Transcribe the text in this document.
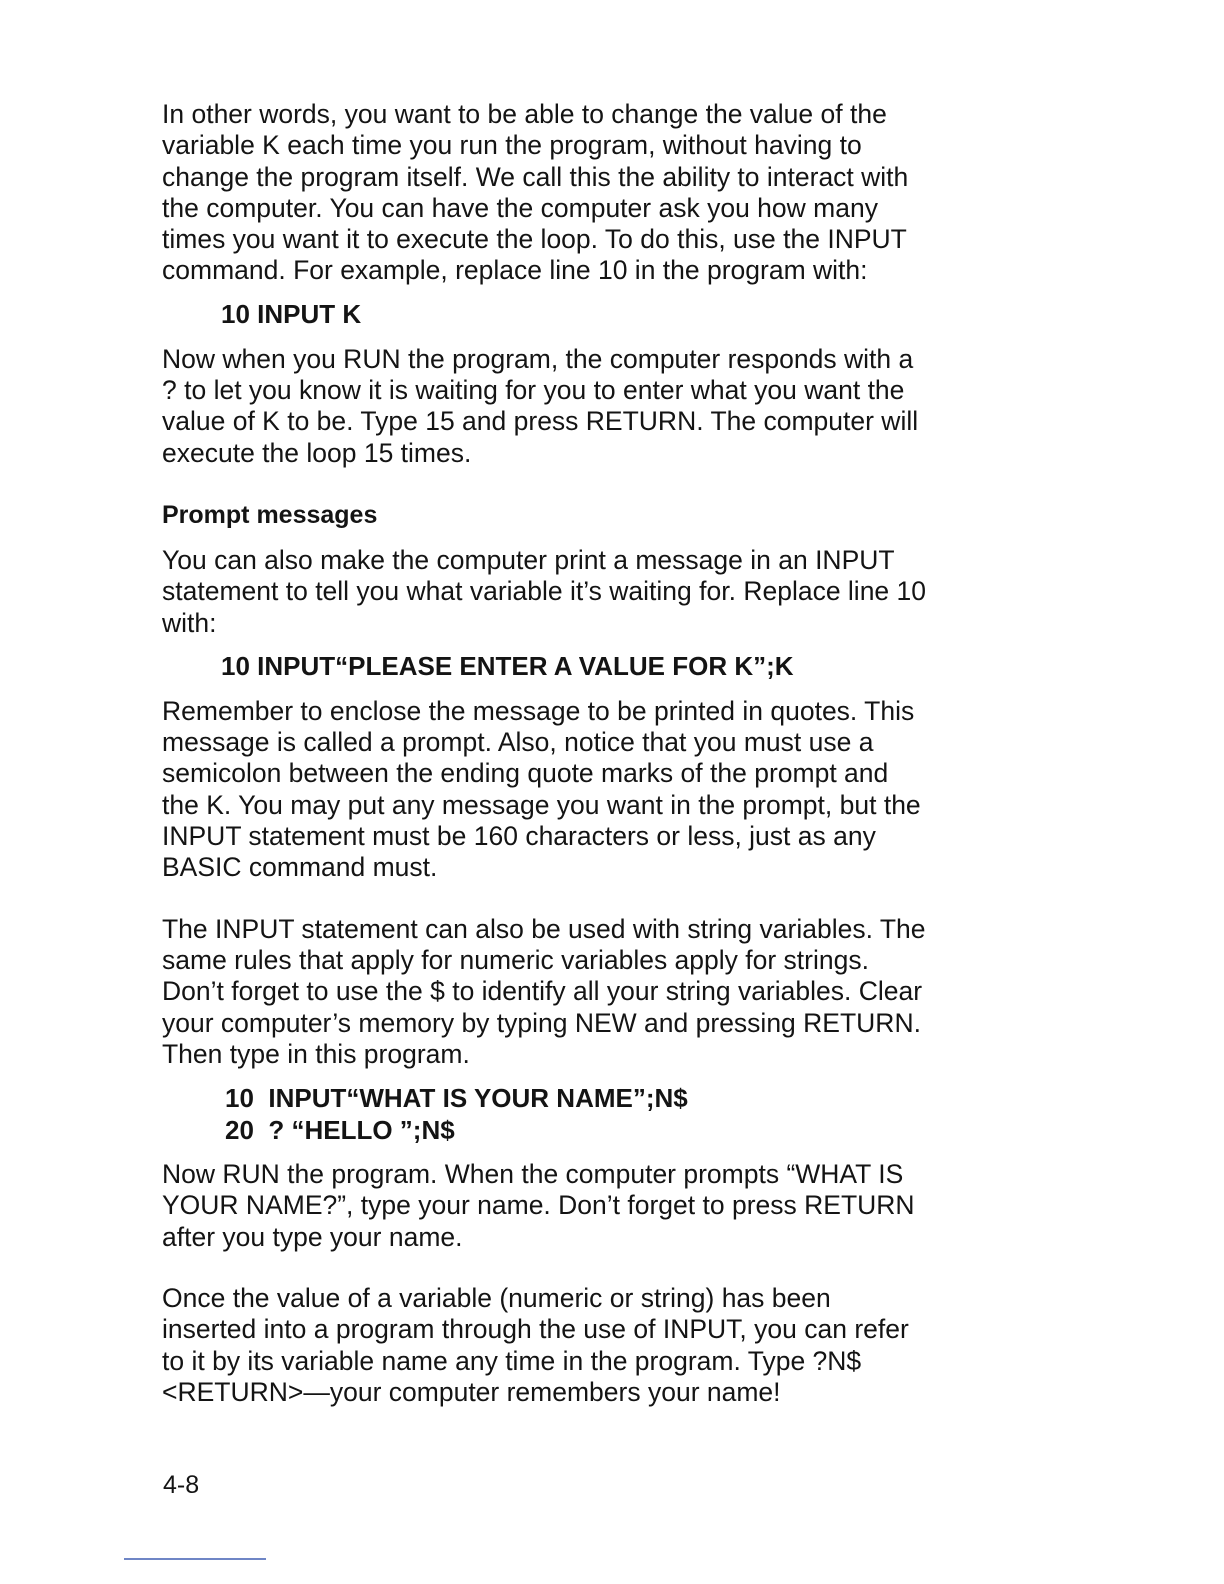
In other words, you want to be able to change the value of the
variable K each time you run the program, without having to
change the program itself. We call this the ability to interact with
the computer. You can have the computer ask you how many
times you want it to execute the loop. To do this, use the INPUT
command. For example, replace line 10 in the program with:
10 INPUT K
Now when you RUN the program, the computer responds with a
? to let you know it is waiting for you to enter what you want the
value of K to be. Type 15 and press RETURN. The computer will
execute the loop 15 times.
Prompt messages
You can also make the computer print a message in an INPUT
statement to tell you what variable it’s waiting for. Replace line 10
with:
10 INPUT“PLEASE ENTER A VALUE FOR K”;K
Remember to enclose the message to be printed in quotes. This
message is called a prompt. Also, notice that you must use a
semicolon between the ending quote marks of the prompt and
the K. You may put any message you want in the prompt, but the
INPUT statement must be 160 characters or less, just as any
BASIC command must.
The INPUT statement can also be used with string variables. The
same rules that apply for numeric variables apply for strings.
Don’t forget to use the $ to identify all your string variables. Clear
your computer’s memory by typing NEW and pressing RETURN.
Then type in this program.
10  INPUT“WHAT IS YOUR NAME”;N$
20  ? “HELLO ”;N$
Now RUN the program. When the computer prompts “WHAT IS
YOUR NAME?”, type your name. Don’t forget to press RETURN
after you type your name.
Once the value of a variable (numeric or string) has been
inserted into a program through the use of INPUT, you can refer
to it by its variable name any time in the program. Type ?N$
<RETURN>—your computer remembers your name!
4-8
